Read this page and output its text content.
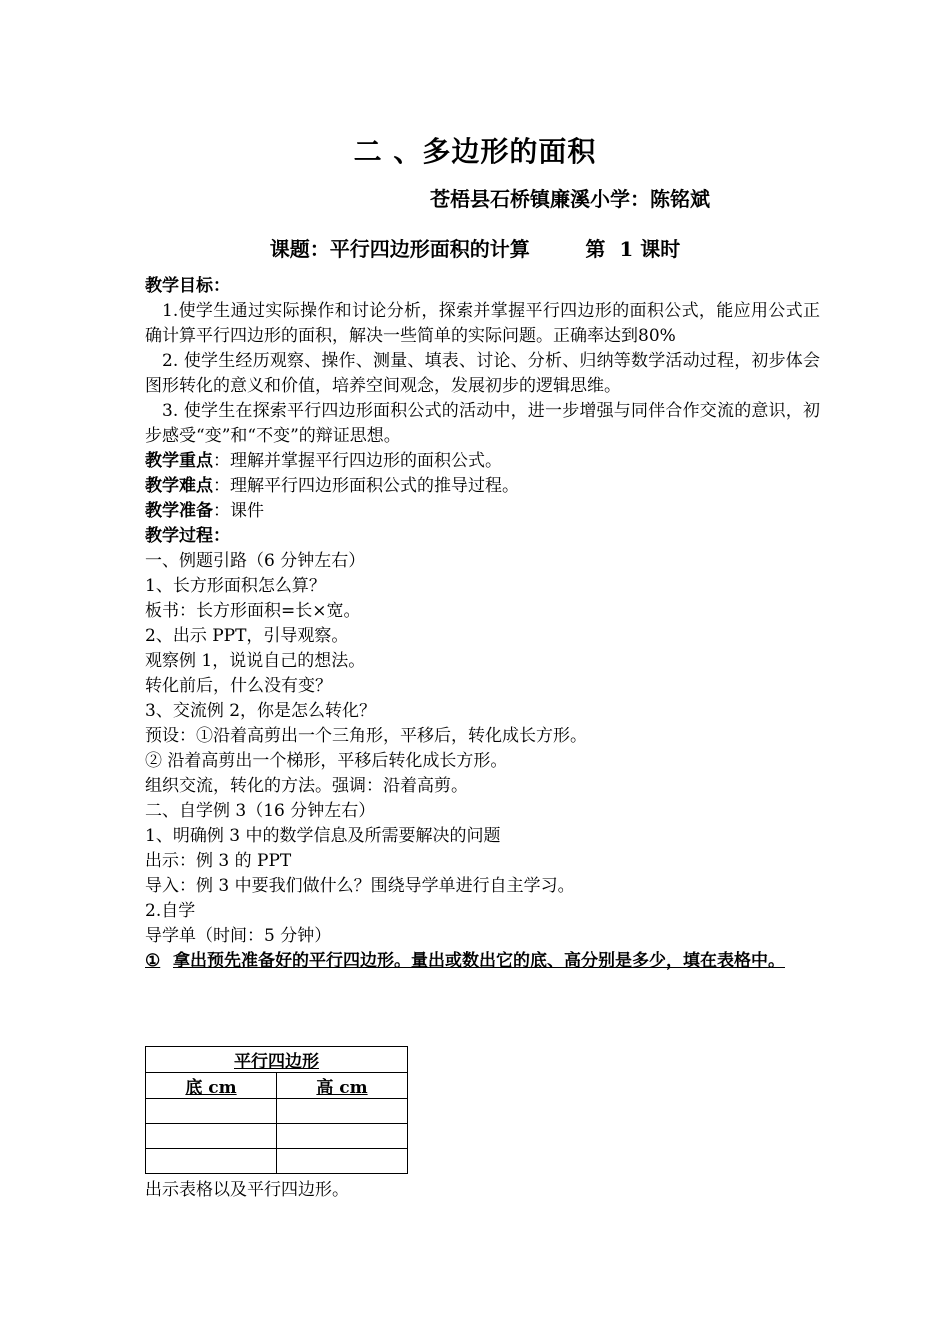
二 、多边形的面积
苍梧县石桥镇廉溪小学：陈铭斌
课题：平行四边形面积的计算        第  1 课时

教学目标：

1.使学生通过实际操作和讨论分析，探索并掌握平行四边形的面积公式，能应用公式正确计算平行四边形的面积，解决一些简单的实际问题。正确率达到80%

2. 使学生经历观察、操作、测量、填表、讨论、分析、归纳等数学活动过程，初步体会图形转化的意义和价值，培养空间观念，发展初步的逻辑思维。

3. 使学生在探索平行四边形面积公式的活动中，进一步增强与同伴合作交流的意识，初步感受“变”和“不变”的辩证思想。

教学重点：理解并掌握平行四边形的面积公式。

教学难点：理解平行四边形面积公式的推导过程。

教学准备：课件

教学过程：

一、例题引路（6 分钟左右）

1、长方形面积怎么算？

板书：长方形面积=长×宽。

2、出示 PPT，引导观察。

观察例 1，说说自己的想法。

转化前后，什么没有变？

3、交流例 2，你是怎么转化？

预设：①沿着高剪出一个三角形，平移后，转化成长方形。

② 沿着高剪出一个梯形，平移后转化成长方形。

组织交流，转化的方法。强调：沿着高剪。

二、自学例 3（16 分钟左右）

1、明确例 3 中的数学信息及所需要解决的问题

出示：例 3 的 PPT

导入：例 3 中要我们做什么？围绕导学单进行自主学习。

2.自学

导学单（时间：5 分钟）

① 拿出预先准备好的平行四边形。量出或数出它的底、高分别是多少，填在表格中。
平行四边形	
底 cm	高 cm

出示表格以及平行四边形。
